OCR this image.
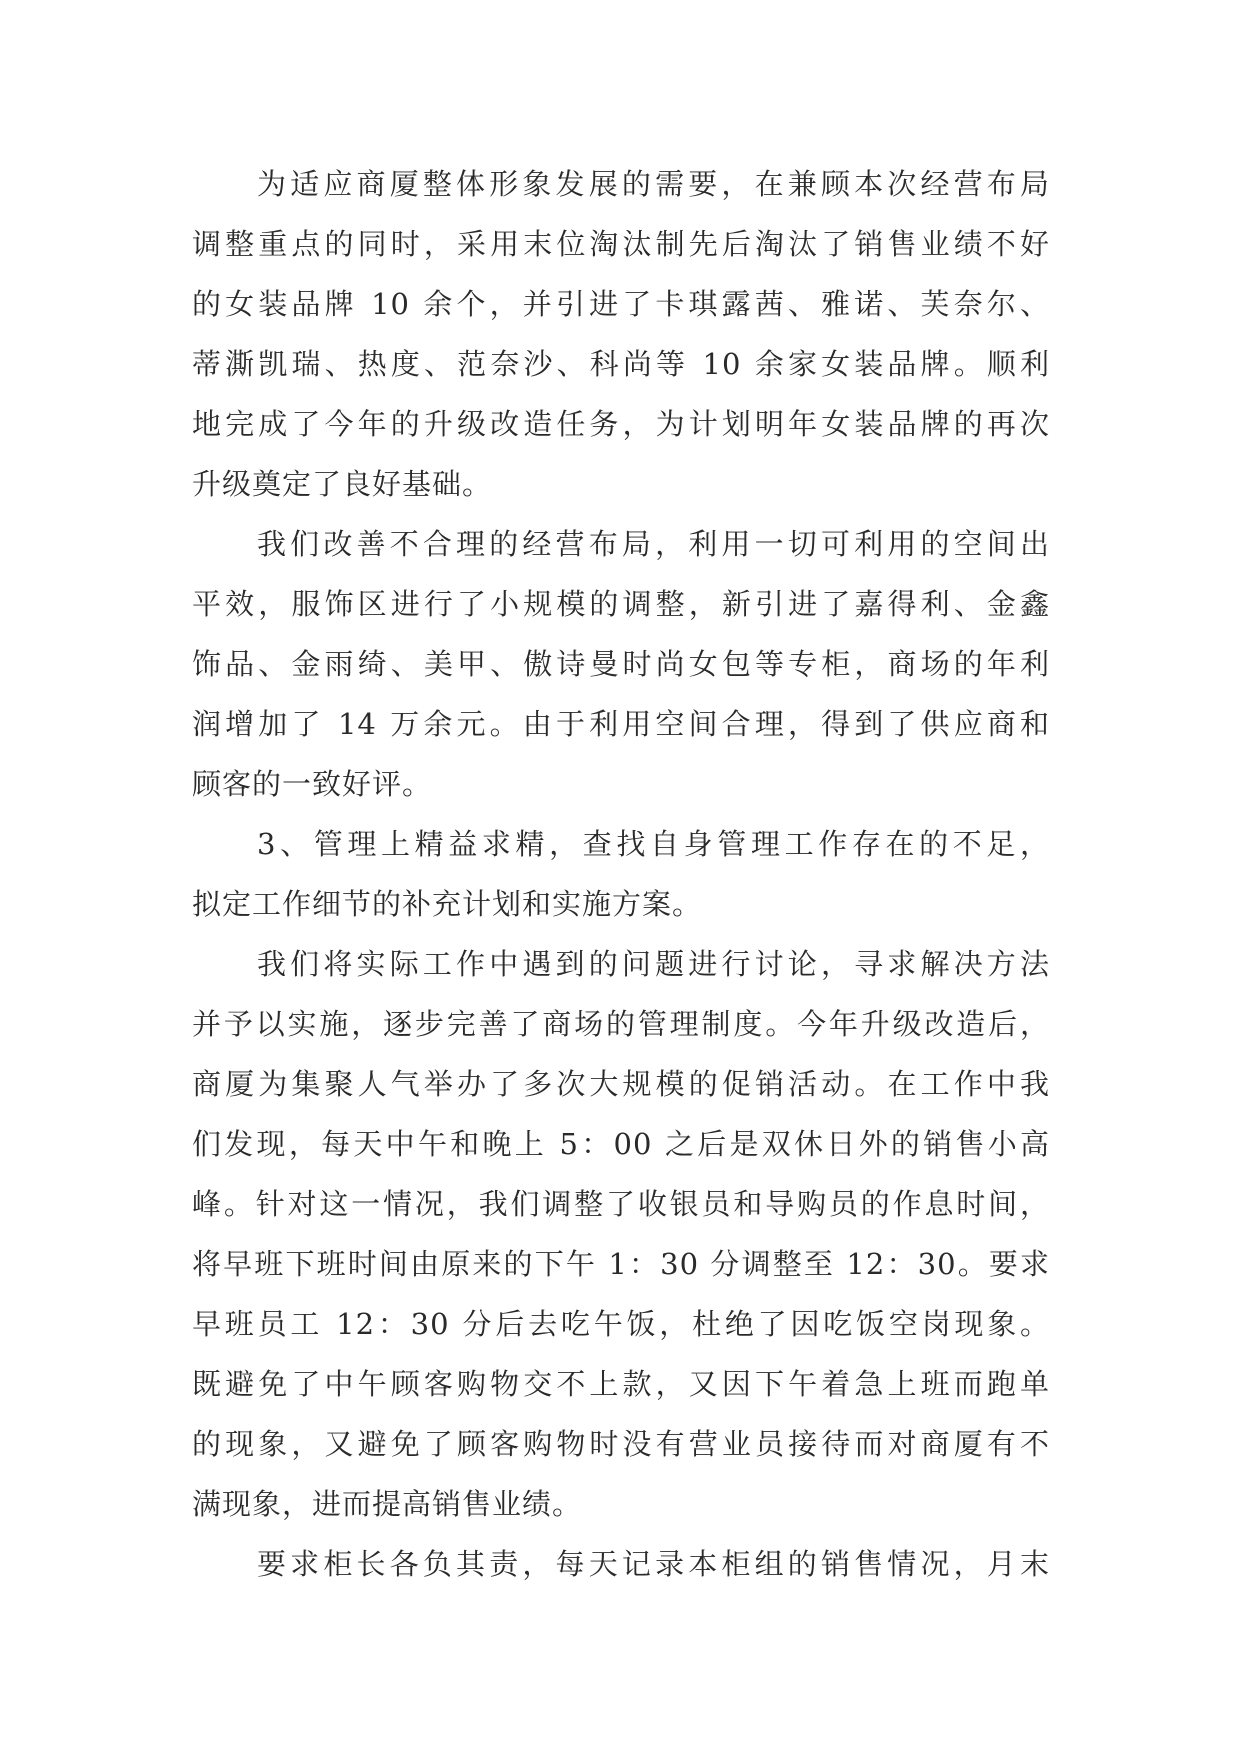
为适应商厦整体形象发展的需要，在兼顾本次经营布局
调整重点的同时，采用末位淘汰制先后淘汰了销售业绩不好
的女装品牌 10 余个，并引进了卡琪露茜、雅诺、芙奈尔、
蒂澌凯瑞、热度、范奈沙、科尚等 10 余家女装品牌。顺利
地完成了今年的升级改造任务，为计划明年女装品牌的再次
升级奠定了良好基础。
我们改善不合理的经营布局，利用一切可利用的空间出
平效，服饰区进行了小规模的调整，新引进了嘉得利、金鑫
饰品、金雨绮、美甲、傲诗曼时尚女包等专柜，商场的年利
润增加了 14 万余元。由于利用空间合理，得到了供应商和
顾客的一致好评。
3、管理上精益求精，查找自身管理工作存在的不足，
拟定工作细节的补充计划和实施方案。
我们将实际工作中遇到的问题进行讨论，寻求解决方法
并予以实施，逐步完善了商场的管理制度。今年升级改造后，
商厦为集聚人气举办了多次大规模的促销活动。在工作中我
们发现，每天中午和晚上 5：00 之后是双休日外的销售小高
峰。针对这一情况，我们调整了收银员和导购员的作息时间，
将早班下班时间由原来的下午 1：30 分调整至 12：30。要求
早班员工 12：30 分后去吃午饭，杜绝了因吃饭空岗现象。
既避免了中午顾客购物交不上款，又因下午着急上班而跑单
的现象，又避免了顾客购物时没有营业员接待而对商厦有不
满现象，进而提高销售业绩。
要求柜长各负其责，每天记录本柜组的销售情况，月末
